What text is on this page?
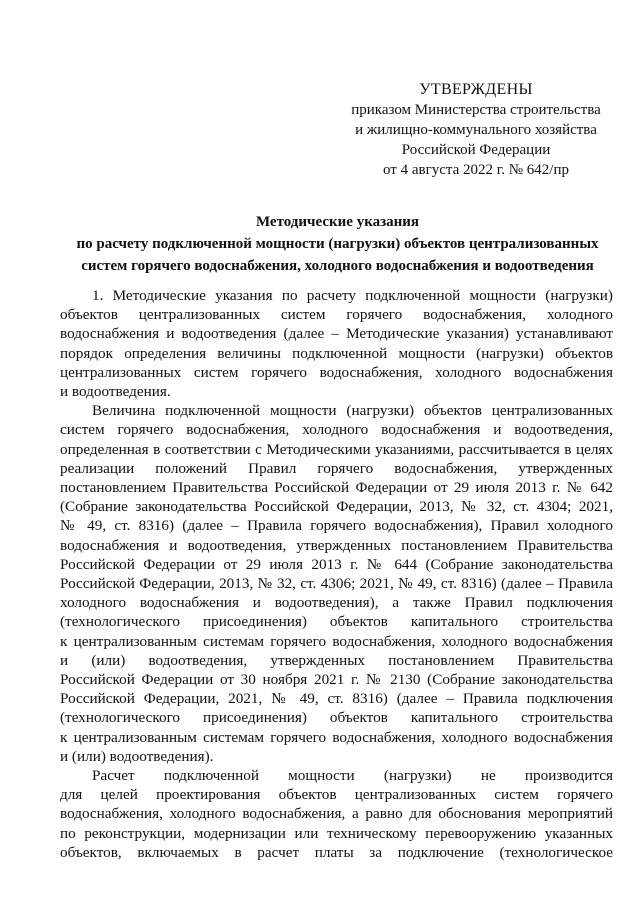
УТВЕРЖДЕНЫ
приказом Министерства строительства
и жилищно-коммунального хозяйства
Российской Федерации
от 4 августа 2022 г. № 642/пр
Методические указания
по расчету подключенной мощности (нагрузки) объектов централизованных
систем горячего водоснабжения, холодного водоснабжения и водоотведения

1. Методические указания по расчету подключенной мощности (нагрузки)
объектов централизованных систем горячего водоснабжения, холодного
водоснабжения и водоотведения (далее – Методические указания) устанавливают
порядок определения величины подключенной мощности (нагрузки) объектов
централизованных систем горячего водоснабжения, холодного водоснабжения
и водоотведения.

Величина подключенной мощности (нагрузки) объектов централизованных
систем горячего водоснабжения, холодного водоснабжения и водоотведения,
определенная в соответствии с Методическими указаниями, рассчитывается в целях
реализации положений Правил горячего водоснабжения, утвержденных
постановлением Правительства Российской Федерации от 29 июля 2013 г. № 642
(Собрание законодательства Российской Федерации, 2013, № 32, ст. 4304; 2021,
№ 49, ст. 8316) (далее – Правила горячего водоснабжения), Правил холодного
водоснабжения и водоотведения, утвержденных постановлением Правительства
Российской Федерации от 29 июля 2013 г. № 644 (Собрание законодательства
Российской Федерации, 2013, № 32, ст. 4306; 2021, № 49, ст. 8316) (далее – Правила
холодного водоснабжения и водоотведения), а также Правил подключения
(технологического присоединения) объектов капитального строительства
к централизованным системам горячего водоснабжения, холодного водоснабжения
и (или) водоотведения, утвержденных постановлением Правительства
Российской Федерации от 30 ноября 2021 г. № 2130 (Собрание законодательства
Российской Федерации, 2021, № 49, ст. 8316) (далее – Правила подключения
(технологического присоединения) объектов капитального строительства
к централизованным системам горячего водоснабжения, холодного водоснабжения
и (или) водоотведения).

Расчет подключенной мощности (нагрузки) не производится
для целей проектирования объектов централизованных систем горячего
водоснабжения, холодного водоснабжения, а равно для обоснования мероприятий
по реконструкции, модернизации или техническому перевооружению указанных
объектов, включаемых в расчет платы за подключение (технологическое
